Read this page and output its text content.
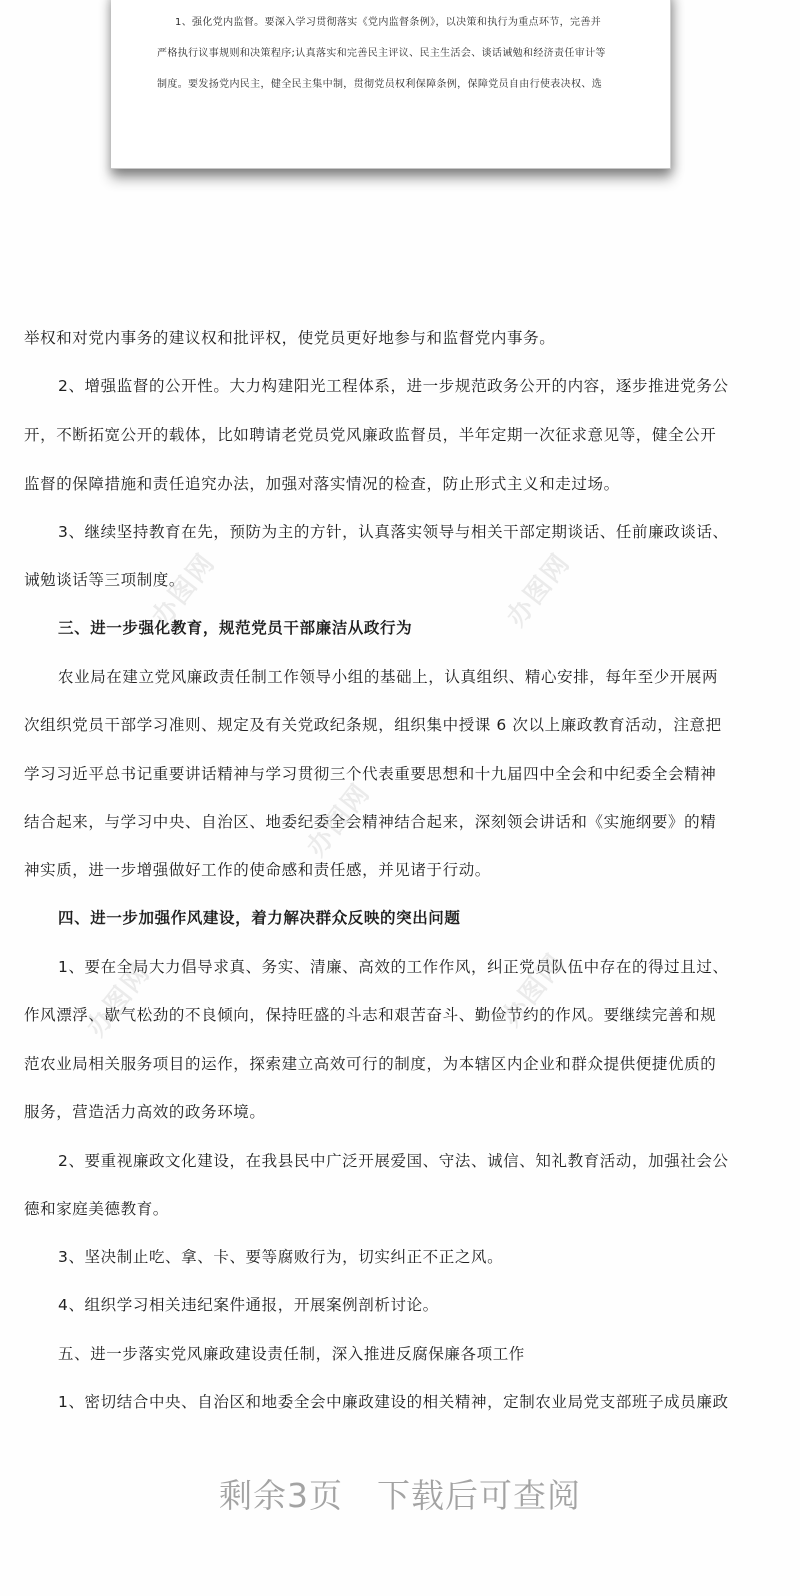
1、强化党内监督。要深入学习贯彻落实《党内监督条例》，以决策和执行为重点环节，完善并
严格执行议事规则和决策程序;认真落实和完善民主评议、民主生活会、谈话诫勉和经济责任审计等
制度。要发扬党内民主，健全民主集中制，贯彻党员权利保障条例，保障党员自由行使表决权、选
举权和对党内事务的建议权和批评权，使党员更好地参与和监督党内事务。
2、增强监督的公开性。大力构建阳光工程体系，进一步规范政务公开的内容，逐步推进党务公
开，不断拓宽公开的载体，比如聘请老党员党风廉政监督员，半年定期一次征求意见等，健全公开
监督的保障措施和责任追究办法，加强对落实情况的检查，防止形式主义和走过场。
3、继续坚持教育在先，预防为主的方针，认真落实领导与相关干部定期谈话、任前廉政谈话、
诫勉谈话等三项制度。
三、进一步强化教育，规范党员干部廉洁从政行为
农业局在建立党风廉政责任制工作领导小组的基础上，认真组织、精心安排，每年至少开展两
次组织党员干部学习准则、规定及有关党政纪条规，组织集中授课 6 次以上廉政教育活动，注意把
学习习近平总书记重要讲话精神与学习贯彻三个代表重要思想和十九届四中全会和中纪委全会精神
结合起来，与学习中央、自治区、地委纪委全会精神结合起来，深刻领会讲话和《实施纲要》的精
神实质，进一步增强做好工作的使命感和责任感，并见诸于行动。
四、进一步加强作风建设，着力解决群众反映的突出问题
1、要在全局大力倡导求真、务实、清廉、高效的工作作风，纠正党员队伍中存在的得过且过、
作风漂浮、歇气松劲的不良倾向，保持旺盛的斗志和艰苦奋斗、勤俭节约的作风。要继续完善和规
范农业局相关服务项目的运作，探索建立高效可行的制度，为本辖区内企业和群众提供便捷优质的
服务，营造活力高效的政务环境。
2、要重视廉政文化建设，在我县民中广泛开展爱国、守法、诚信、知礼教育活动，加强社会公
德和家庭美德教育。
3、坚决制止吃、拿、卡、要等腐败行为，切实纠正不正之风。
4、组织学习相关违纪案件通报，开展案例剖析讨论。
五、进一步落实党风廉政建设责任制，深入推进反腐保廉各项工作
1、密切结合中央、自治区和地委全会中廉政建设的相关精神，定制农业局党支部班子成员廉政
办图网	办图网
办图网
办图网	办图网
剩余3页 下载后可查阅
